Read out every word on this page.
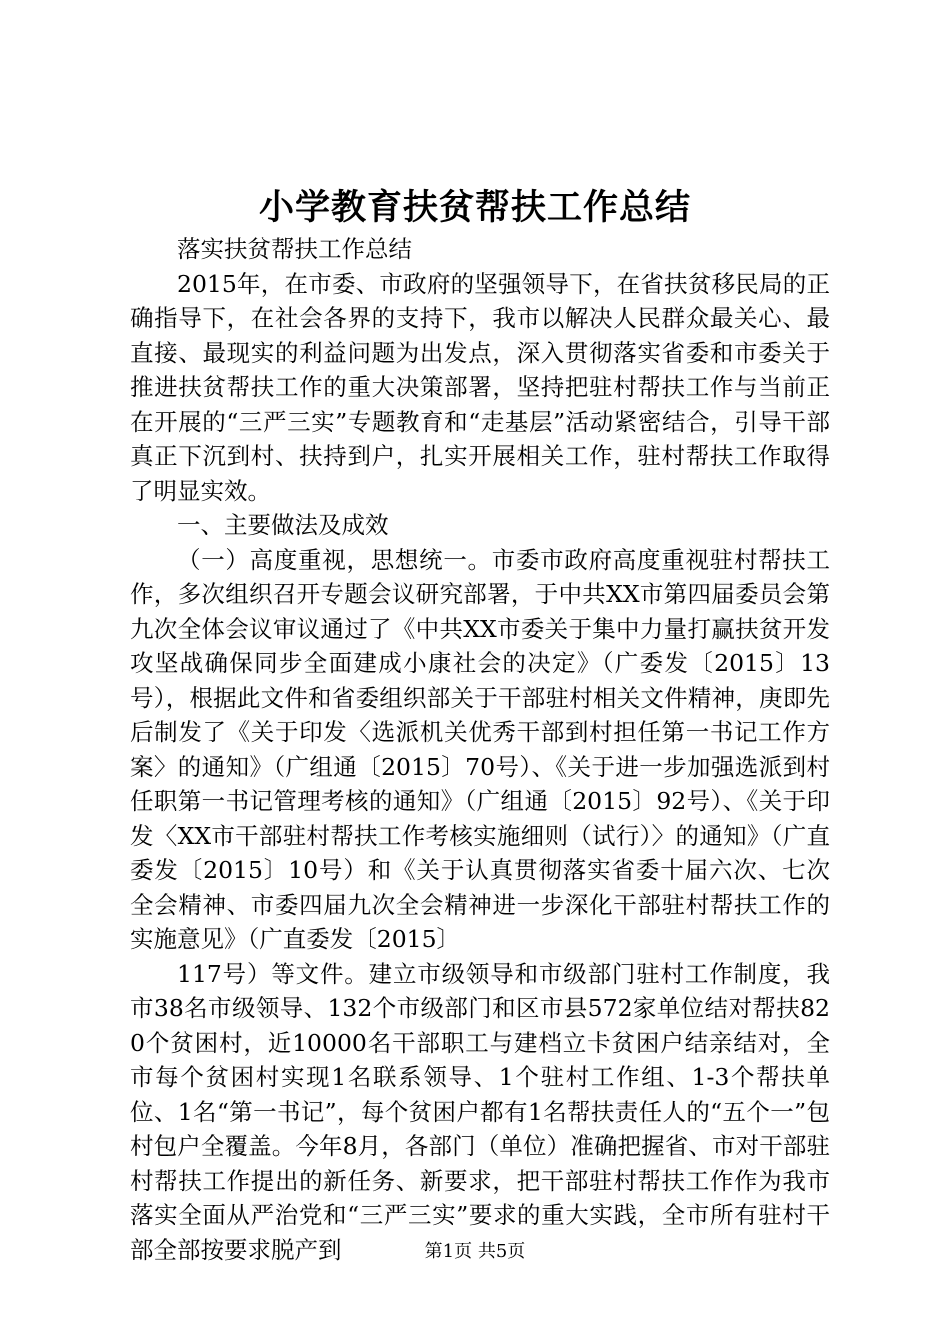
小学教育扶贫帮扶工作总结

落实扶贫帮扶工作总结

2015年，在市委、市政府的坚强领导下，在省扶贫移民局的正确指导下，在社会各界的支持下，我市以解决人民群众最关心、最直接、最现实的利益问题为出发点，深入贯彻落实省委和市委关于推进扶贫帮扶工作的重大决策部署，坚持把驻村帮扶工作与当前正在开展的“三严三实”专题教育和“走基层”活动紧密结合，引导干部真正下沉到村、扶持到户，扎实开展相关工作，驻村帮扶工作取得了明显实效。

一、主要做法及成效

（一）高度重视，思想统一。市委市政府高度重视驻村帮扶工作，多次组织召开专题会议研究部署，于中共XX市第四届委员会第九次全体会议审议通过了《中共XX市委关于集中力量打赢扶贫开发攻坚战确保同步全面建成小康社会的决定》（广委发〔2015〕13号），根据此文件和省委组织部关于干部驻村相关文件精神，庚即先后制发了《关于印发〈选派机关优秀干部到村担任第一书记工作方案〉的通知》（广组通〔2015〕70号）、《关于进一步加强选派到村任职第一书记管理考核的通知》（广组通〔2015〕92号）、《关于印发〈XX市干部驻村帮扶工作考核实施细则（试行）〉的通知》（广直委发〔2015〕10号）和《关于认真贯彻落实省委十届六次、七次全会精神、市委四届九次全会精神进一步深化干部驻村帮扶工作的实施意见》（广直委发〔2015〕

117号）等文件。建立市级领导和市级部门驻村工作制度，我市38名市级领导、132个市级部门和区市县572家单位结对帮扶820个贫困村，近10000名干部职工与建档立卡贫困户结亲结对，全市每个贫困村实现1名联系领导、1个驻村工作组、1-3个帮扶单位、1名“第一书记”，每个贫困户都有1名帮扶责任人的“五个一”包村包户全覆盖。今年8月，各部门（单位）准确把握省、市对干部驻村帮扶工作提出的新任务、新要求，把干部驻村帮扶工作作为我市落实全面从严治党和“三严三实”要求的重大实践，全市所有驻村干部全部按要求脱产到	第1页 共5页
